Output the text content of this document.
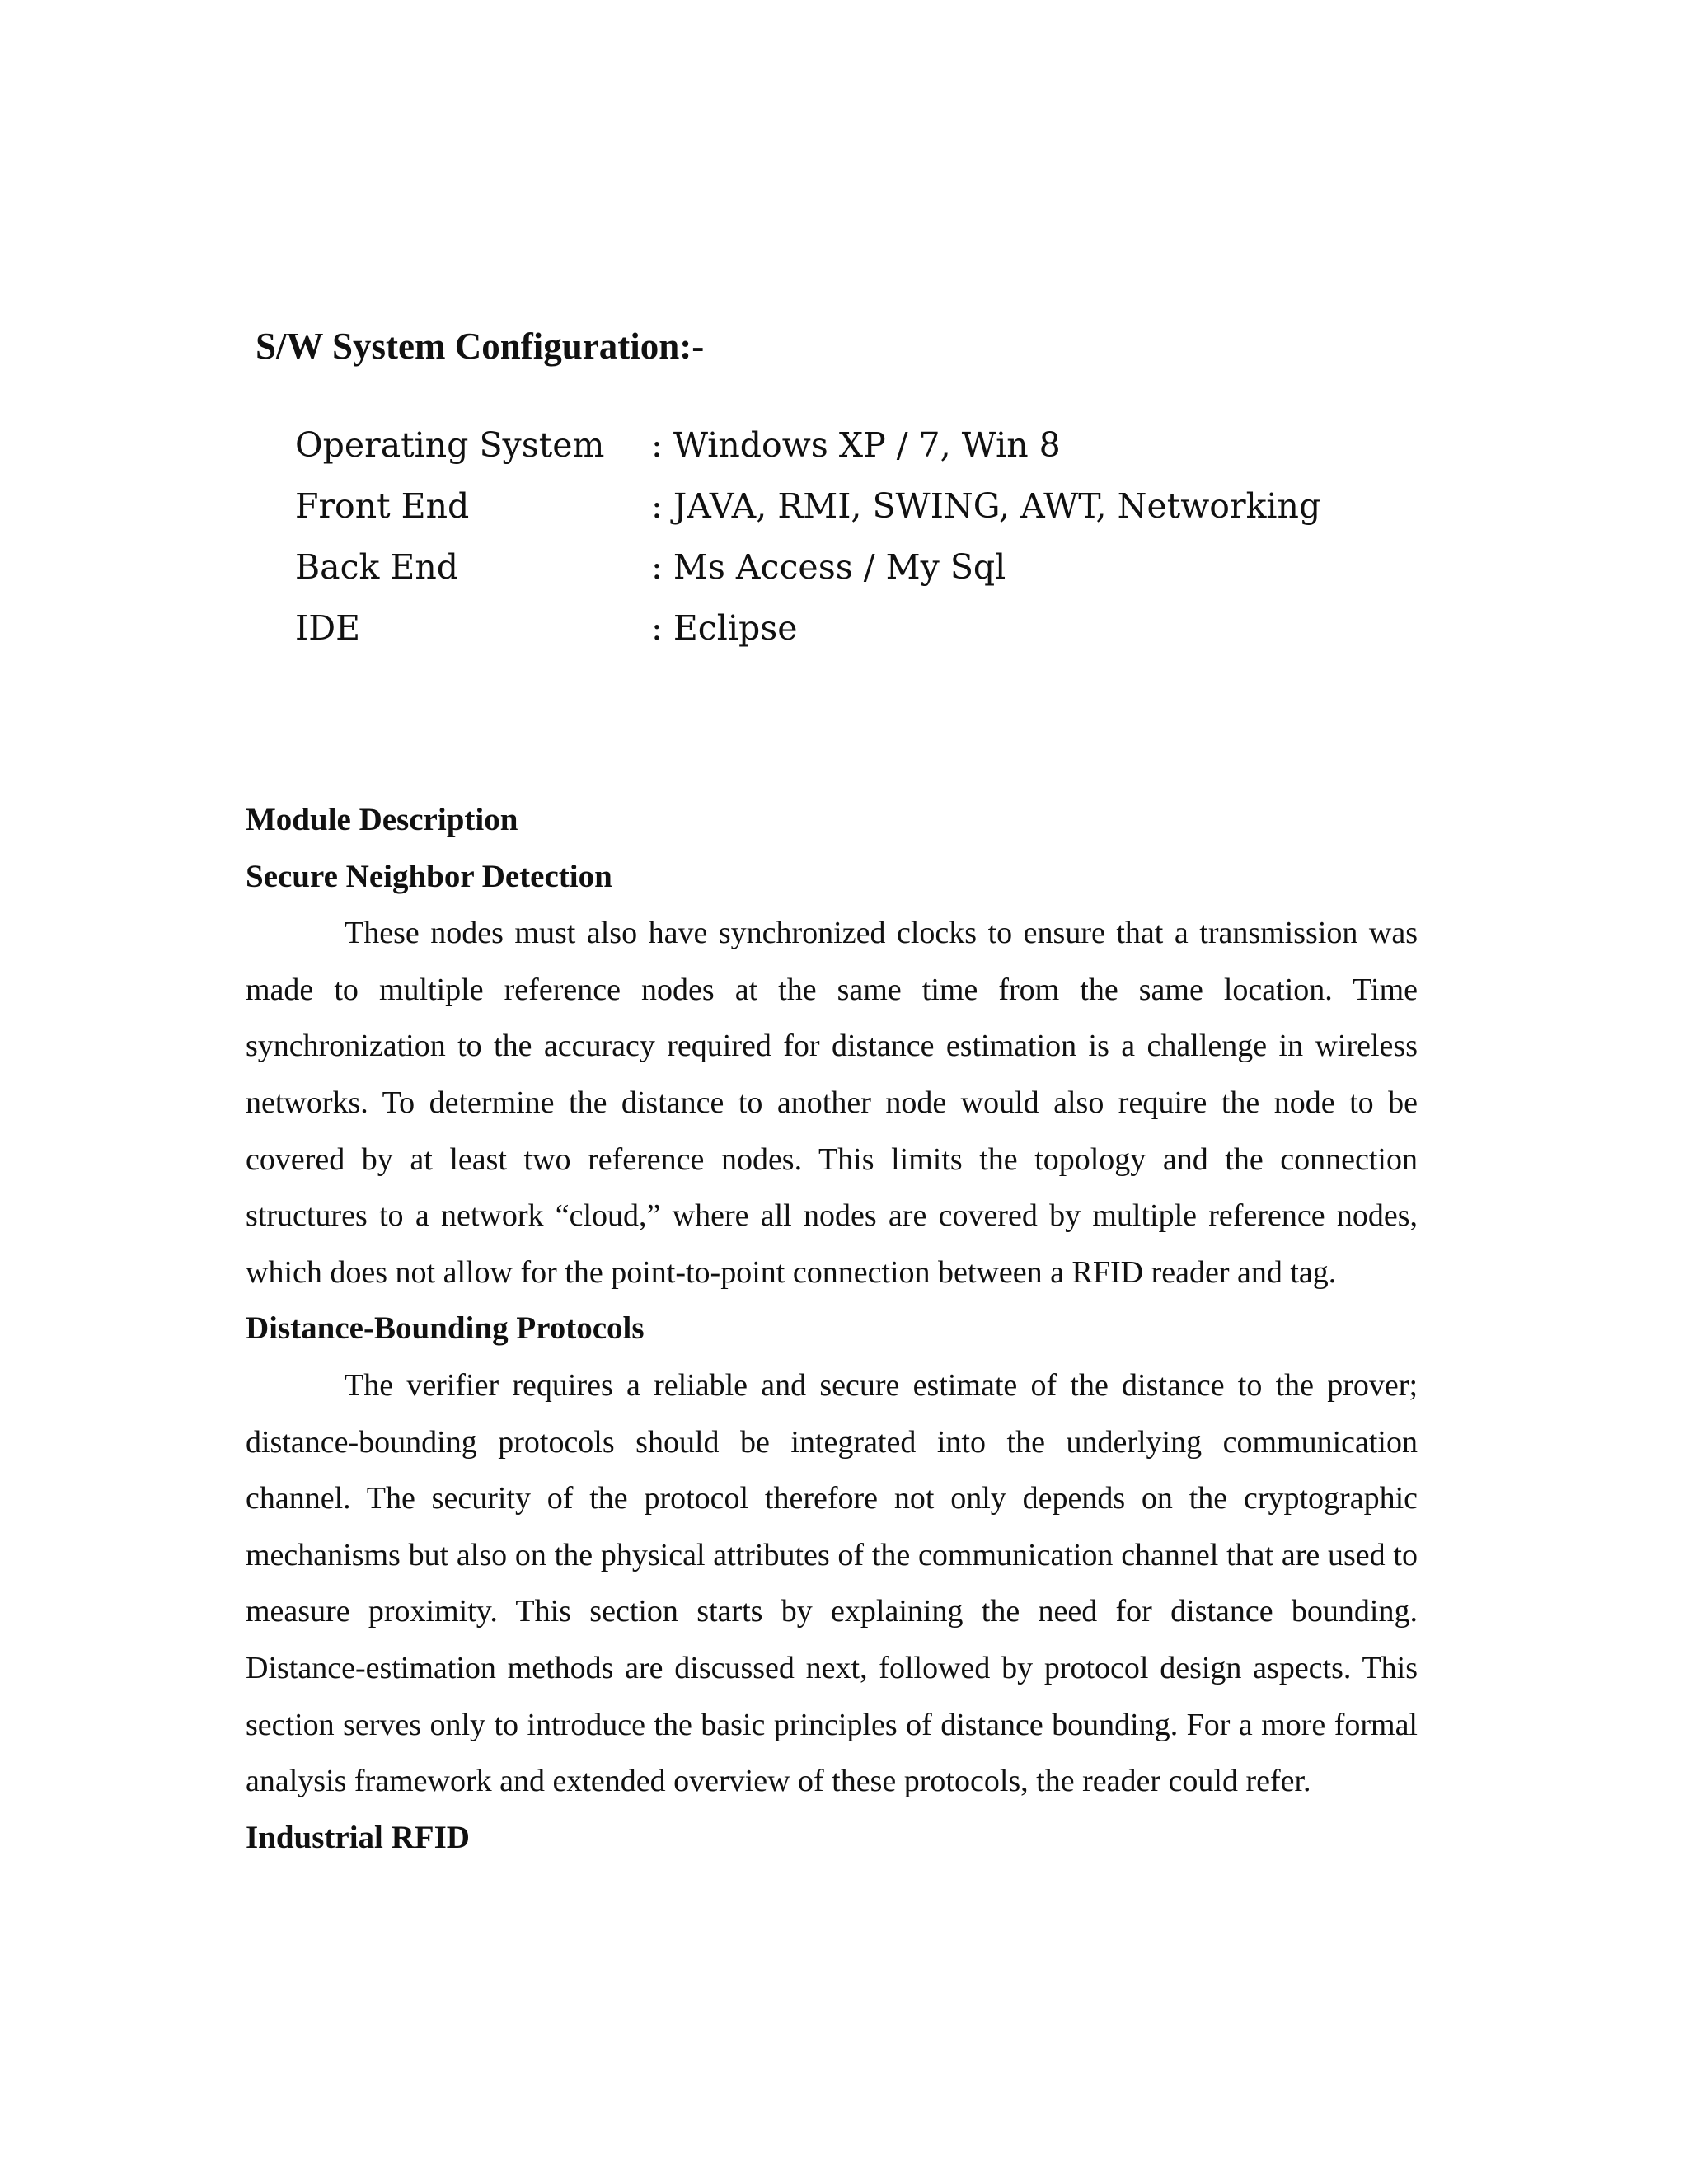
S/W System Configuration:-
Operating System : Windows XP / 7, Win 8
Front End	: JAVA, RMI, SWING, AWT, Networking
Back End	: Ms Access / My Sql
IDE	: Eclipse
Module Description
Secure Neighbor Detection

These nodes must also have synchronized clocks to ensure that a transmission was made to multiple reference nodes at the same time from the same location. Time synchronization to the accuracy required for distance estimation is a challenge in wireless networks. To determine the distance to another node would also require the node to be covered by at least two reference nodes. This limits the topology and the connection structures to a network “cloud,” where all nodes are covered by multiple reference nodes, which does not allow for the point-to-point connection between a RFID reader and tag.

Distance-Bounding Protocols

The verifier requires a reliable and secure estimate of the distance to the prover; distance-bounding protocols should be integrated into the underlying communication channel. The security of the protocol therefore not only depends on the cryptographic mechanisms but also on the physical attributes of the communication channel that are used to measure proximity. This section starts by explaining the need for distance bounding. Distance-estimation methods are discussed next, followed by protocol design aspects. This section serves only to introduce the basic principles of distance bounding. For a more formal analysis framework and extended overview of these protocols, the reader could refer.

Industrial RFID
